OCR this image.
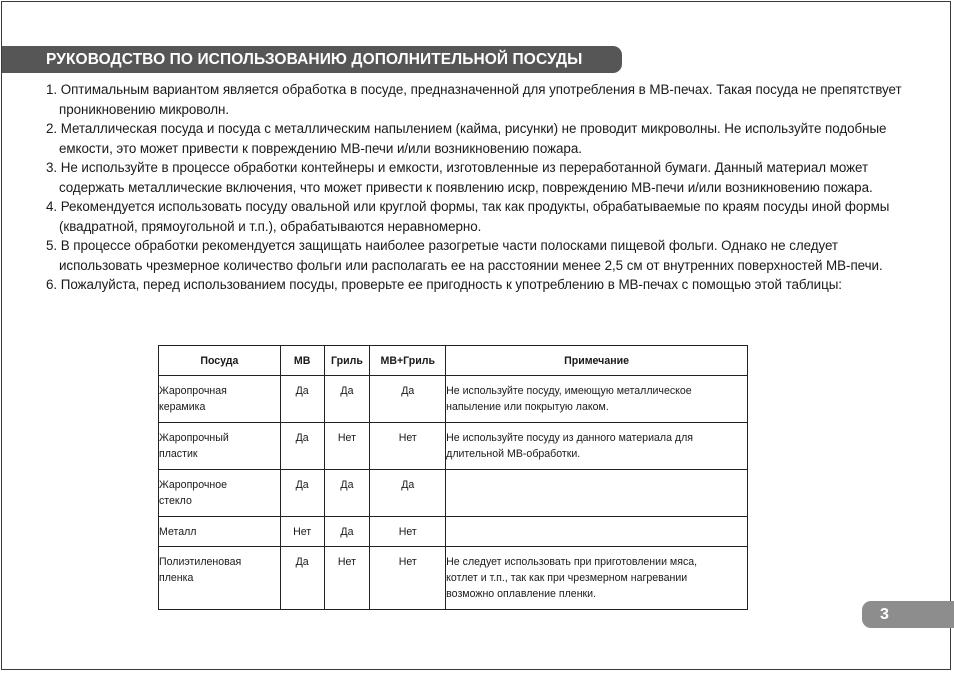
РУКОВОДСТВО ПО ИСПОЛЬЗОВАНИЮ ДОПОЛНИТЕЛЬНОЙ ПОСУДЫ
1. Оптимальным вариантом является обработка в посуде, предназначенной для употребления в МВ-печах. Такая посуда не препятствует проникновению микроволн.
2. Металлическая посуда и посуда с металлическим напылением (кайма, рисунки) не проводит микроволны. Не используйте подобные емкости, это может привести к повреждению МВ-печи и/или возникновению пожара.
3. Не используйте в процессе обработки контейнеры и емкости, изготовленные из переработанной бумаги. Данный материал может содержать металлические включения, что может привести к появлению искр, повреждению МВ-печи и/или возникновению пожара.
4. Рекомендуется использовать посуду овальной или круглой формы, так как продукты, обрабатываемые по краям посуды иной формы (квадратной, прямоугольной и т.п.), обрабатываются неравномерно.
5. В процессе обработки рекомендуется защищать наиболее разогретые части полосками пищевой фольги. Однако не следует использовать чрезмерное количество фольги или располагать ее на расстоянии менее 2,5 см от внутренних поверхностей МВ-печи.
6. Пожалуйста, перед использованием посуды, проверьте ее пригодность к употреблению в МВ-печах с помощью этой таблицы:
Посуда	МВ	Гриль	МВ+Гриль	Примечание

Жаропрочная керамика	Да	Да	Да	Не используйте посуду, имеющую металлическое напыление или покрытую лаком.

Жаропрочный пластик	Да	Нет	Нет	Не используйте посуду из данного материала для длительной МВ-обработки.

Жаропрочное стекло	Да	Да	Да	
Металл	Нет	Да	Нет	

Полиэтиленовая пленка	Да	Нет	Нет	Не следует использовать при приготовлении мяса, котлет и т.п., так как при чрезмерном нагревании возможно оплавление пленки.
3
